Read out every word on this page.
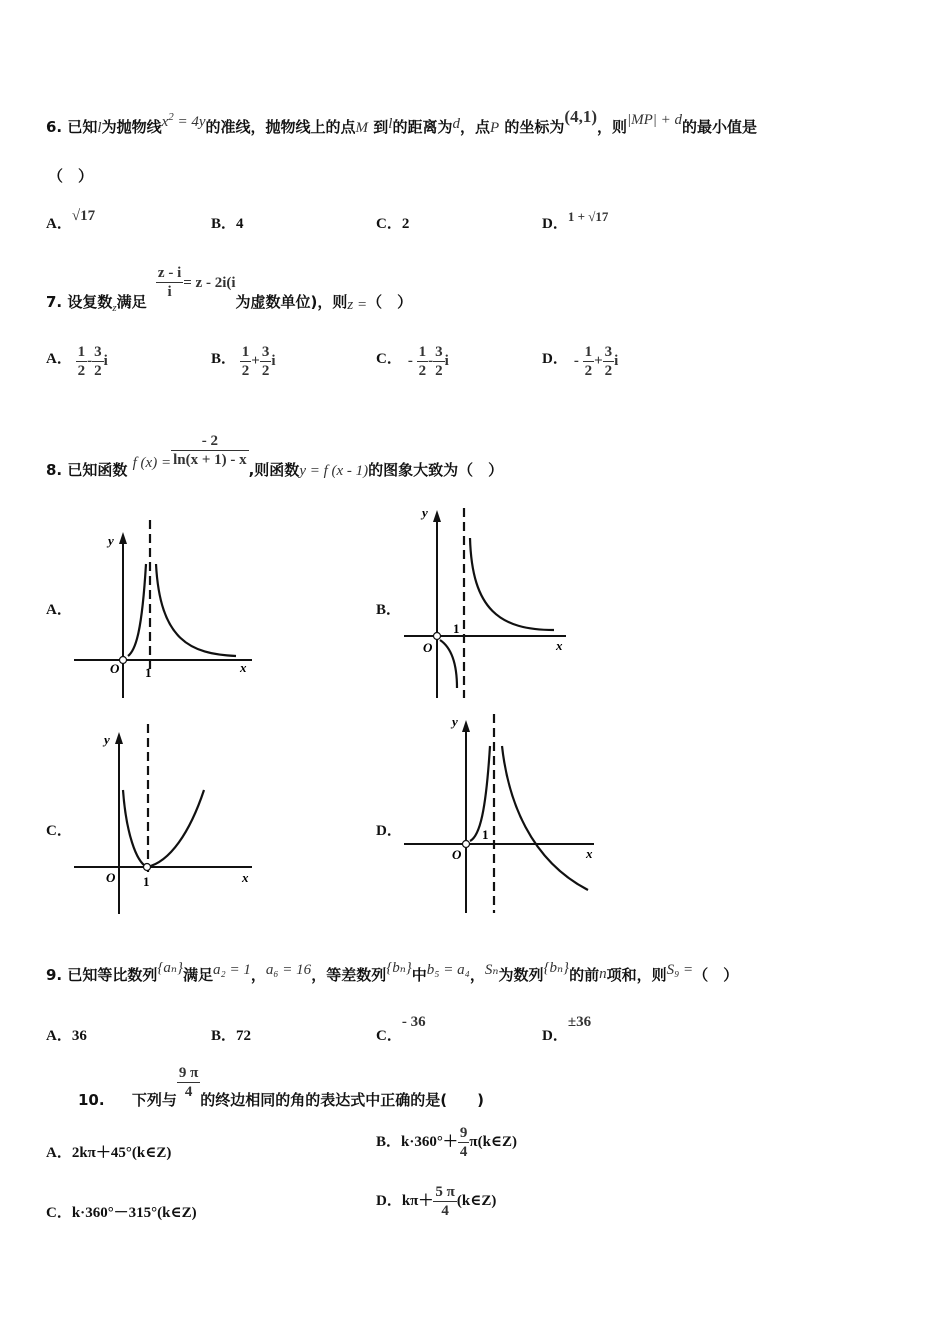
6. 已知l为抛物线$x^2 = 4y$的准线，抛物线上的点M 到l的距离为d，点P 的坐标为(4,1)，则|MP| + d的最小值是
（　）
A．√17	B．4	C．2	D．1 + √17
7. 设复数$_z$满足
$\frac{z - i}{i} = z - 2i(i$为虚数单位)，则z =（　）
A． $\frac{1}{2} - \frac{3}{2}$ i	B． $\frac{1}{2} + \frac{3}{2}$ i	C． - $\frac{1}{2} - \frac{3}{2}$ i	D． - $\frac{1}{2} + \frac{3}{2}$ i
8. 已知函数 f $(x) = \frac{- 2}{\ln(x + 1) - x}$
,则函数y = f (x - 1)的图象大致为（　）
A．	B．
C．	D．
y
x
O 1
y
x
O
1
y
x
O 1
y
x
O
1
9. 已知等比数列{aₙ}满足a₂ = 1，a₆ = 16，等差数列{bₙ}中b₅ = a₄，Sₙ为数列{bₙ}的前n项和，则S₉ =（　）
A．36	B．72	C．- 36
D．±36
10. 下列与 $\frac{9 \pi}{4}$ 的终边相同的角的表达式中正确的是(　　)
A．2kπ＋45°(k∈Z)
B．$k\cdot 360^\circ+ \frac{9}{4}$ π(k∈Z)
C．k·360°－315°(k∈Z)
D．$k\pi+ \frac{5 \pi}{4}$ (k∈Z)
